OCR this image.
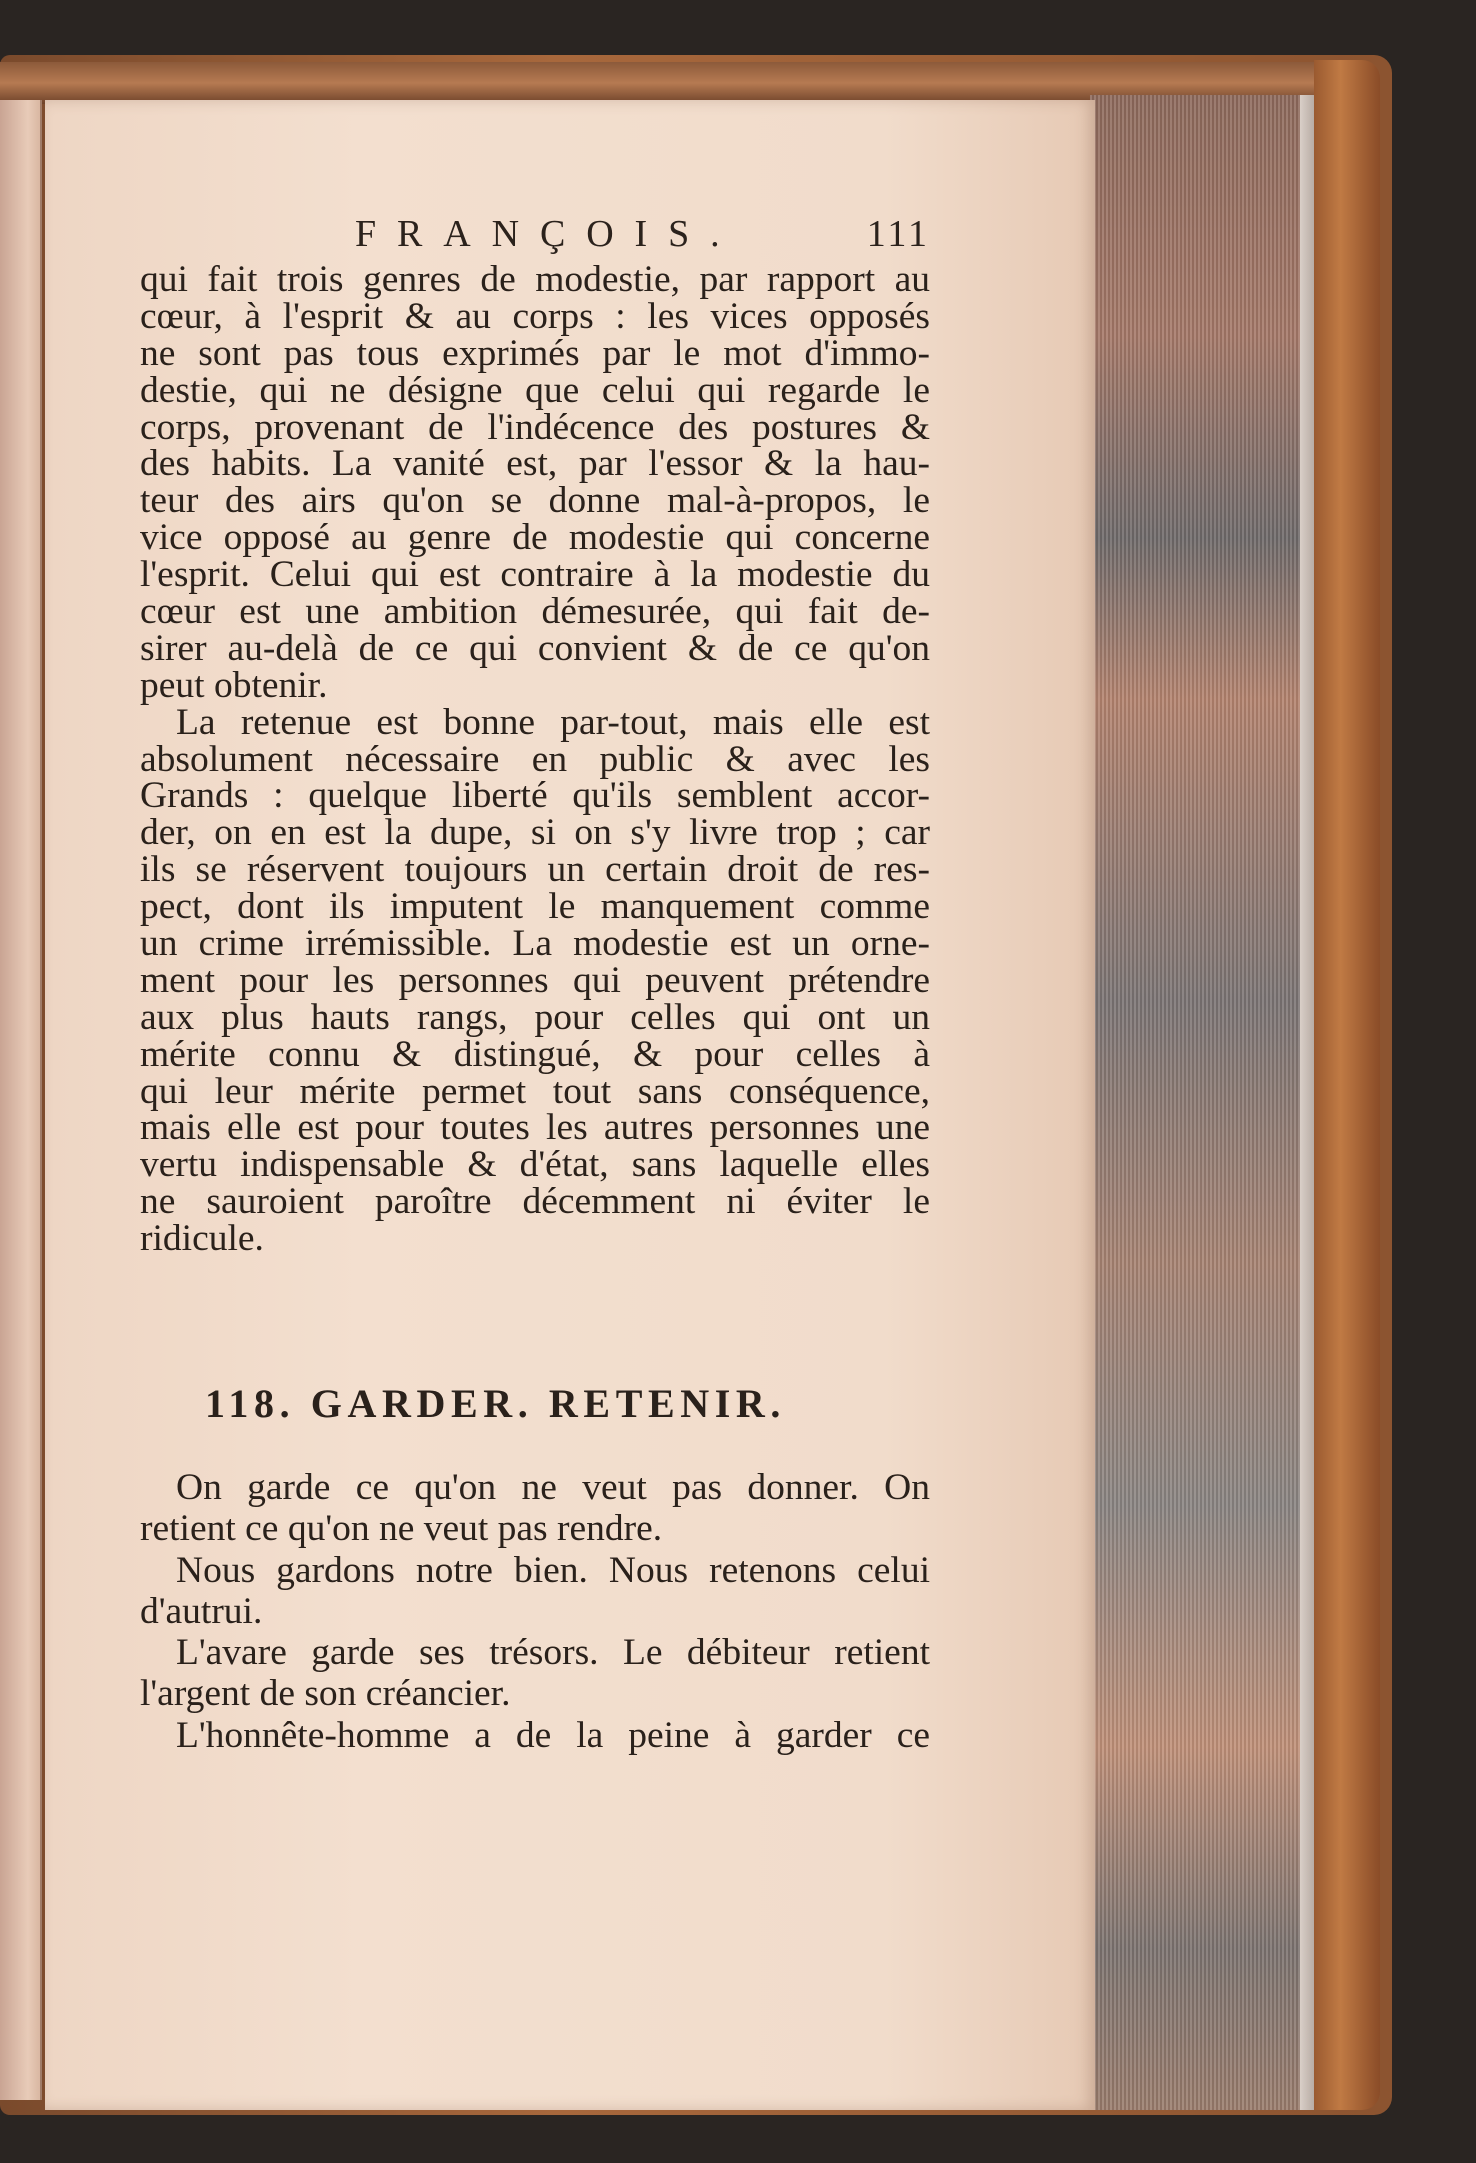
FRANÇOIS.	111
qui fait trois genres de modestie, par rapport au
cœur, à l'esprit & au corps : les vices opposés
ne sont pas tous exprimés par le mot d'immo-
destie, qui ne désigne que celui qui regarde le
corps, provenant de l'indécence des postures &
des habits. La vanité est, par l'essor & la hau-
teur des airs qu'on se donne mal-à-propos, le
vice opposé au genre de modestie qui concerne
l'esprit. Celui qui est contraire à la modestie du
cœur est une ambition démesurée, qui fait de-
sirer au-delà de ce qui convient & de ce qu'on
peut obtenir.
La retenue est bonne par-tout, mais elle est
absolument nécessaire en public & avec les
Grands : quelque liberté qu'ils semblent accor-
der, on en est la dupe, si on s'y livre trop ; car
ils se réservent toujours un certain droit de res-
pect, dont ils imputent le manquement comme
un crime irrémissible. La modestie est un orne-
ment pour les personnes qui peuvent prétendre
aux plus hauts rangs, pour celles qui ont un
mérite connu & distingué, & pour celles à
qui leur mérite permet tout sans conséquence,
mais elle est pour toutes les autres personnes une
vertu indispensable & d'état, sans laquelle elles
ne sauroient paroître décemment ni éviter le
ridicule.
118. GARDER. RETENIR.
On garde ce qu'on ne veut pas donner. On
retient ce qu'on ne veut pas rendre.
Nous gardons notre bien. Nous retenons celui
d'autrui.
L'avare garde ses trésors. Le débiteur retient
l'argent de son créancier.
L'honnête-homme a de la peine à garder ce
